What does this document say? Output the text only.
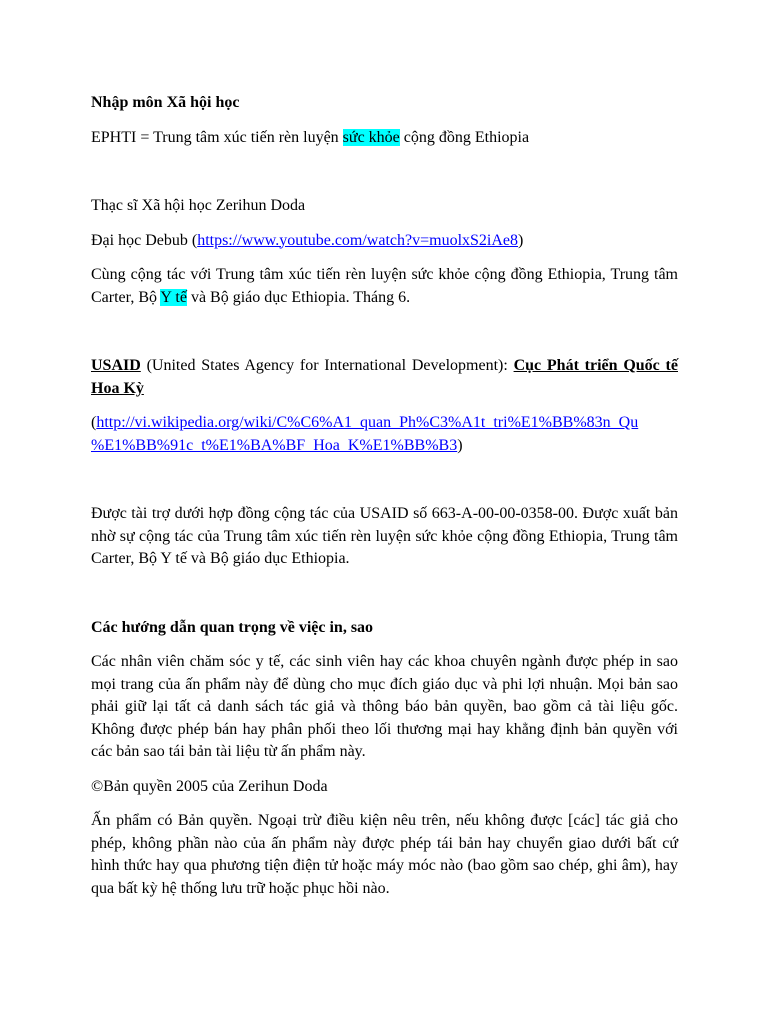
Nhập môn Xã hội học

EPHTI = Trung tâm xúc tiến rèn luyện sức khỏe cộng đồng Ethiopia

Thạc sĩ Xã hội học Zerihun Doda

Đại học Debub (https://www.youtube.com/watch?v=muolxS2iAe8)

Cùng cộng tác với Trung tâm xúc tiến rèn luyện sức khỏe cộng đồng Ethiopia, Trung tâm Carter, Bộ Y tế và Bộ giáo dục Ethiopia. Tháng 6.

USAID (United States Agency for International Development): Cục Phát triển Quốc tế Hoa Kỳ

(http://vi.wikipedia.org/wiki/C%C6%A1_quan_Ph%C3%A1t_tri%E1%BB%83n_Qu
%E1%BB%91c_t%E1%BA%BF_Hoa_K%E1%BB%B3)

Được tài trợ dưới hợp đồng cộng tác của USAID số 663-A-00-00-0358-00. Được xuất bản nhờ sự cộng tác của Trung tâm xúc tiến rèn luyện sức khỏe cộng đồng Ethiopia, Trung tâm Carter, Bộ Y tế và Bộ giáo dục Ethiopia.

Các hướng dẫn quan trọng về việc in, sao

Các nhân viên chăm sóc y tế, các sinh viên hay các khoa chuyên ngành được phép in sao mọi trang của ấn phẩm này để dùng cho mục đích giáo dục và phi lợi nhuận. Mọi bản sao phải giữ lại tất cả danh sách tác giả và thông báo bản quyền, bao gồm cả tài liệu gốc. Không được phép bán hay phân phối theo lối thương mại hay khẳng định bản quyền với các bản sao tái bản tài liệu từ ấn phẩm này.

©Bản quyền 2005 của Zerihun Doda

Ấn phẩm có Bản quyền. Ngoại trừ điều kiện nêu trên, nếu không được [các] tác giả cho phép, không phần nào của ấn phẩm này được phép tái bản hay chuyển giao dưới bất cứ hình thức hay qua phương tiện điện tử hoặc máy móc nào (bao gồm sao chép, ghi âm), hay qua bất kỳ hệ thống lưu trữ hoặc phục hồi nào.
